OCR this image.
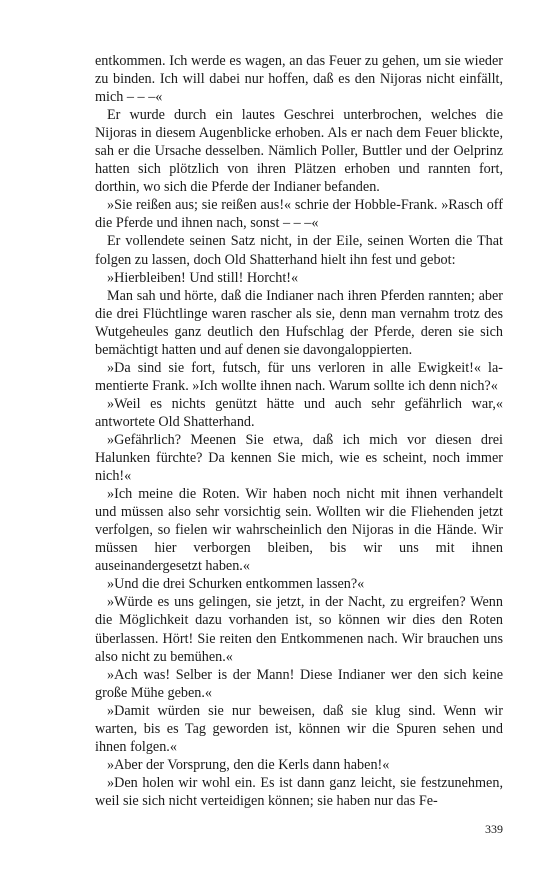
entkommen. Ich werde es wagen, an das Feuer zu gehen, um sie wieder zu binden. Ich will dabei nur hoffen, daß es den Nijoras nicht einfällt, mich – – –«

Er wurde durch ein lautes Geschrei unterbrochen, welches die Nijoras in diesem Augenblicke erhoben. Als er nach dem Feuer blickte, sah er die Ursache desselben. Nämlich Poller, Buttler und der Oelprinz hatten sich plötzlich von ihren Plätzen erhoben und rannten fort, dorthin, wo sich die Pferde der Indianer befanden.

»Sie reißen aus; sie reißen aus!« schrie der Hobble-Frank. »Rasch off die Pferde und ihnen nach, sonst – – –«

Er vollendete seinen Satz nicht, in der Eile, seinen Worten die That folgen zu lassen, doch Old Shatterhand hielt ihn fest und gebot:

»Hierbleiben! Und still! Horcht!«

Man sah und hörte, daß die Indianer nach ihren Pferden rannten; aber die drei Flüchtlinge waren rascher als sie, denn man vernahm trotz des Wutgeheules ganz deutlich den Hufschlag der Pferde, deren sie sich bemächtigt hatten und auf denen sie davongaloppierten.

»Da sind sie fort, futsch, für uns verloren in alle Ewigkeit!« lamentierte Frank. »Ich wollte ihnen nach. Warum sollte ich denn nich?«

»Weil es nichts genützt hätte und auch sehr gefährlich war,« antwortete Old Shatterhand.

»Gefährlich? Meenen Sie etwa, daß ich mich vor diesen drei Halunken fürchte? Da kennen Sie mich, wie es scheint, noch immer nich!«

»Ich meine die Roten. Wir haben noch nicht mit ihnen verhandelt und müssen also sehr vorsichtig sein. Wollten wir die Fliehenden jetzt verfolgen, so fielen wir wahrscheinlich den Nijoras in die Hände. Wir müssen hier verborgen bleiben, bis wir uns mit ihnen auseinandergesetzt haben.«

»Und die drei Schurken entkommen lassen?«

»Würde es uns gelingen, sie jetzt, in der Nacht, zu ergreifen? Wenn die Möglichkeit dazu vorhanden ist, so können wir dies den Roten überlassen. Hört! Sie reiten den Entkommenen nach. Wir brauchen uns also nicht zu bemühen.«

»Ach was! Selber is der Mann! Diese Indianer wer den sich keine große Mühe geben.«

»Damit würden sie nur beweisen, daß sie klug sind. Wenn wir warten, bis es Tag geworden ist, können wir die Spuren sehen und ihnen folgen.«

»Aber der Vorsprung, den die Kerls dann haben!«

»Den holen wir wohl ein. Es ist dann ganz leicht, sie festzunehmen, weil sie sich nicht verteidigen können; sie haben nur das Fe-

339
